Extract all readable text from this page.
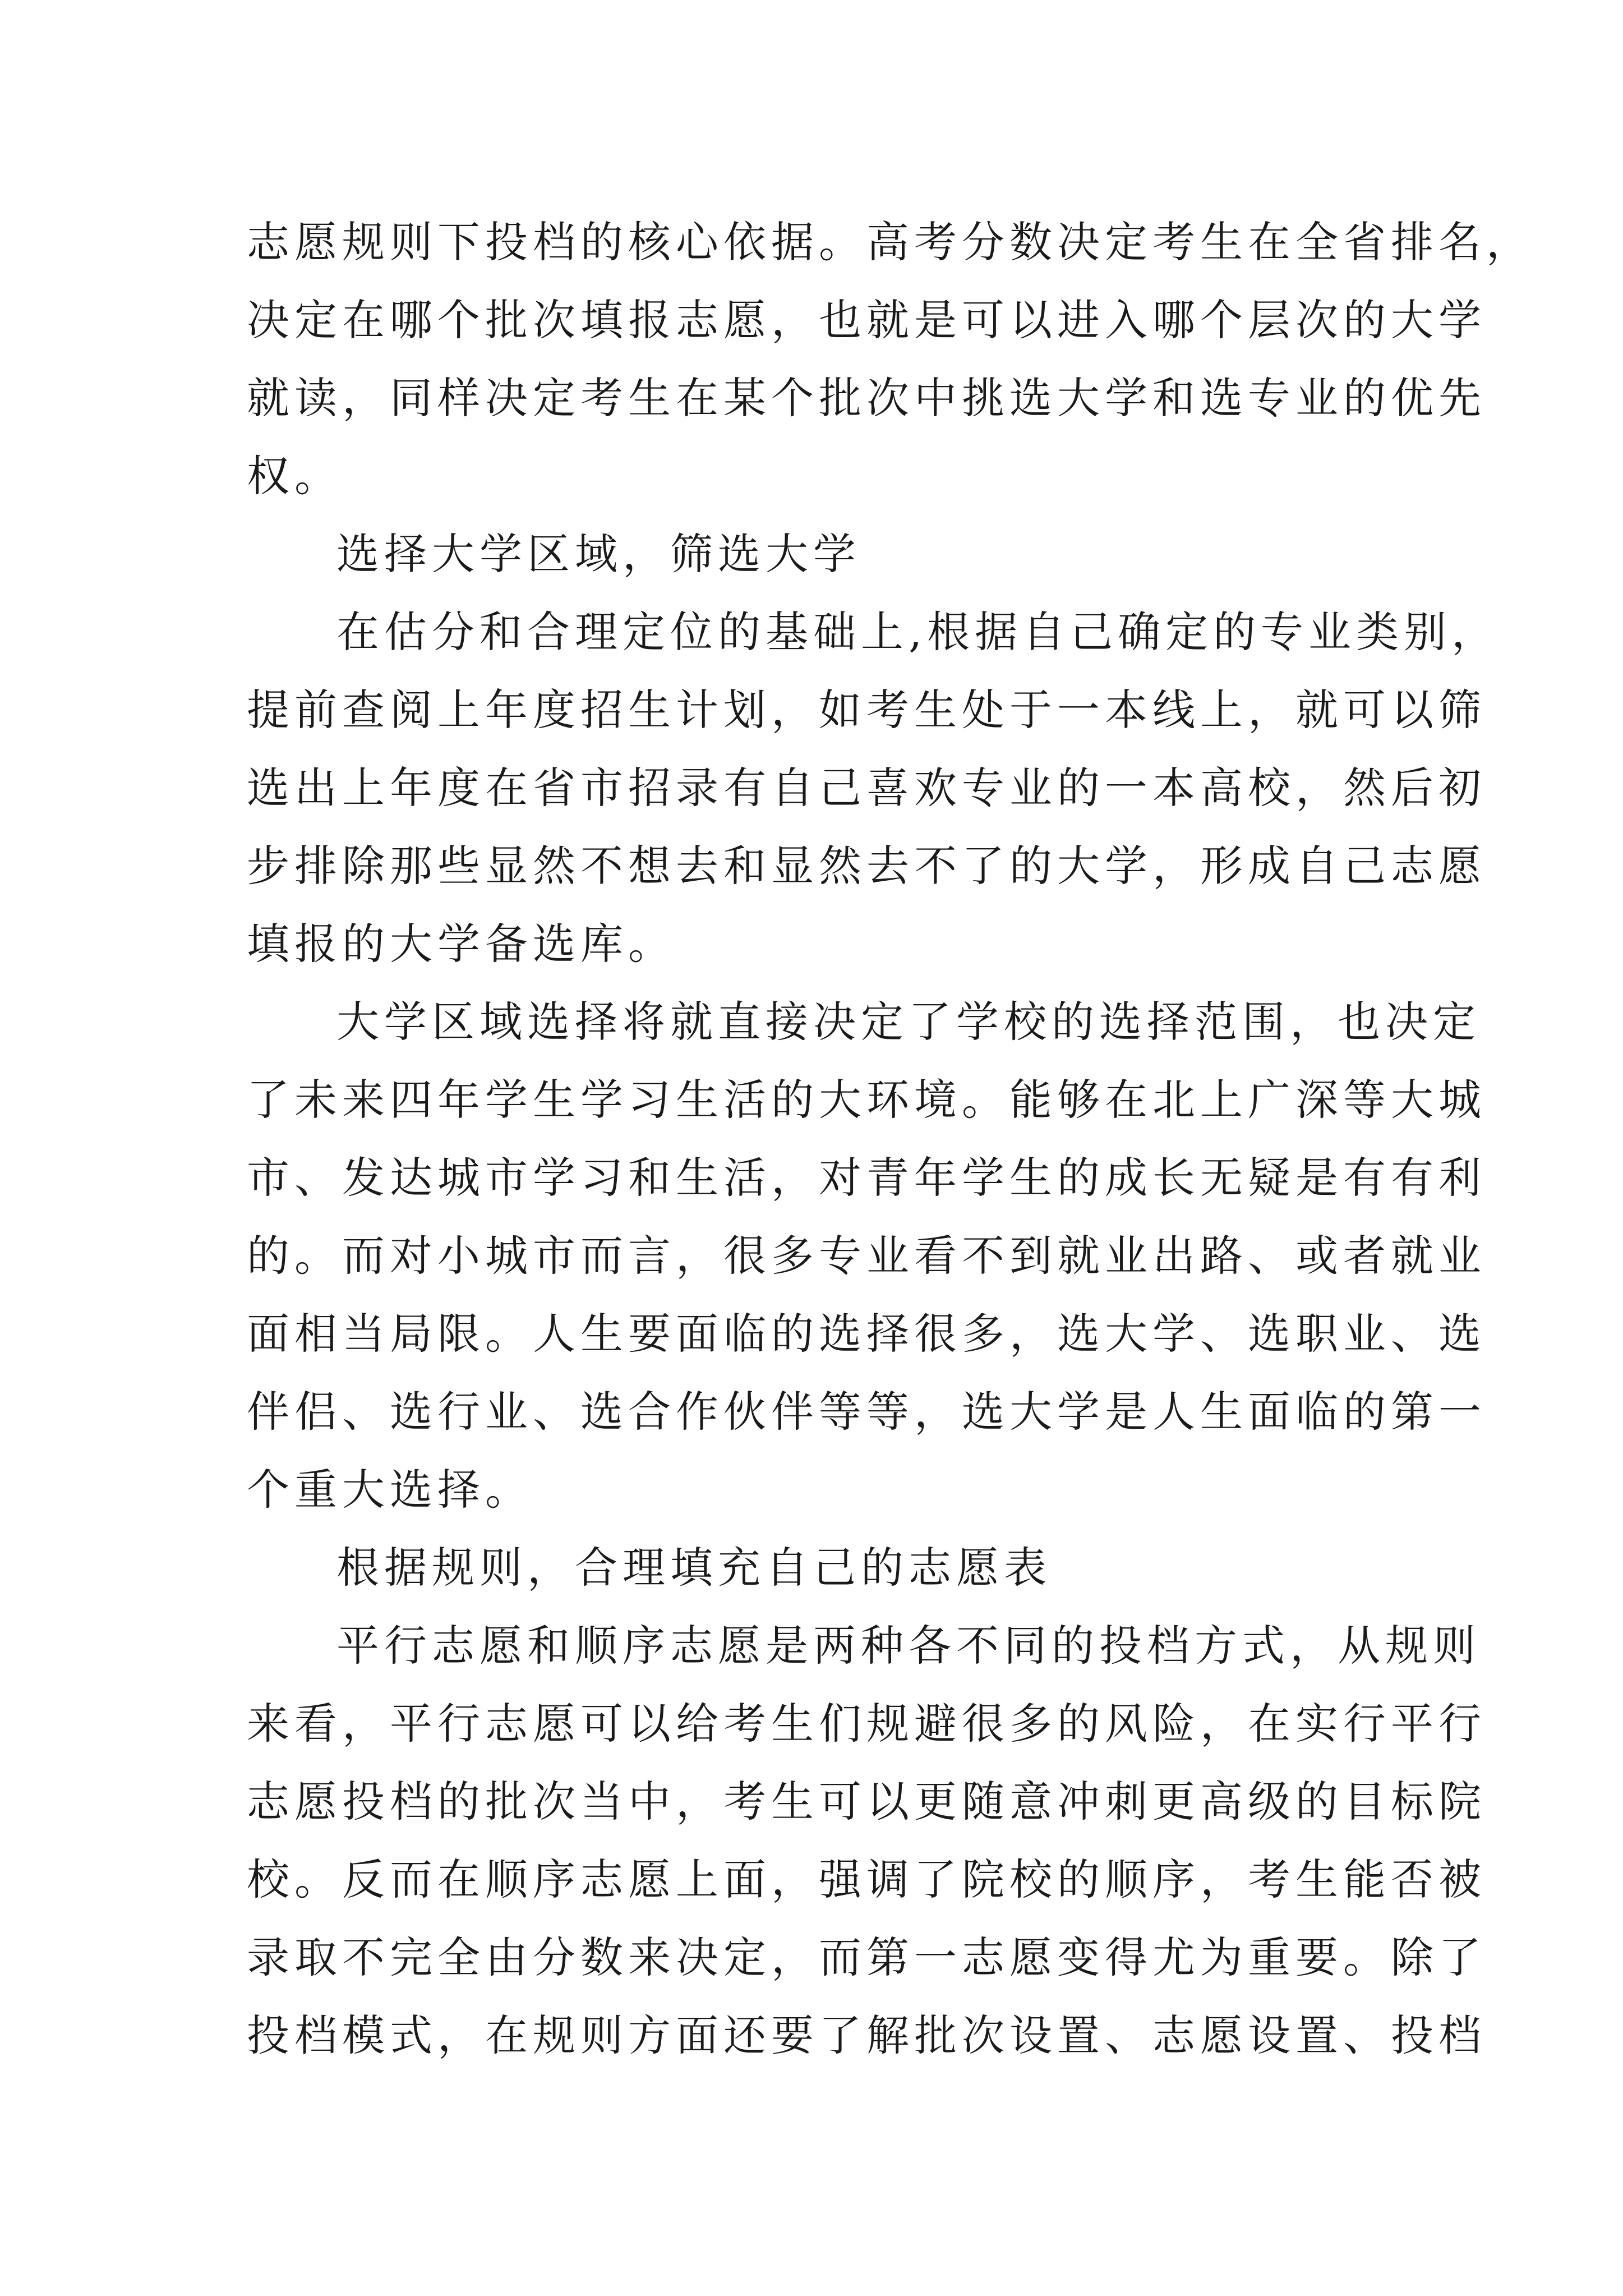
志愿规则下投档的核心依据。高考分数决定考生在全省排名，
决定在哪个批次填报志愿，也就是可以进入哪个层次的大学
就读，同样决定考生在某个批次中挑选大学和选专业的优先
权。
选择大学区域，筛选大学
在估分和合理定位的基础上,根据自己确定的专业类别，
提前查阅上年度招生计划，如考生处于一本线上，就可以筛
选出上年度在省市招录有自己喜欢专业的一本高校，然后初
步排除那些显然不想去和显然去不了的大学，形成自己志愿
填报的大学备选库。
大学区域选择将就直接决定了学校的选择范围，也决定
了未来四年学生学习生活的大环境。能够在北上广深等大城
市、发达城市学习和生活，对青年学生的成长无疑是有有利
的。而对小城市而言，很多专业看不到就业出路、或者就业
面相当局限。人生要面临的选择很多，选大学、选职业、选
伴侣、选行业、选合作伙伴等等，选大学是人生面临的第一
个重大选择。
根据规则，合理填充自己的志愿表
平行志愿和顺序志愿是两种各不同的投档方式，从规则
来看，平行志愿可以给考生们规避很多的风险，在实行平行
志愿投档的批次当中，考生可以更随意冲刺更高级的目标院
校。反而在顺序志愿上面，强调了院校的顺序，考生能否被
录取不完全由分数来决定，而第一志愿变得尤为重要。除了
投档模式，在规则方面还要了解批次设置、志愿设置、投档
